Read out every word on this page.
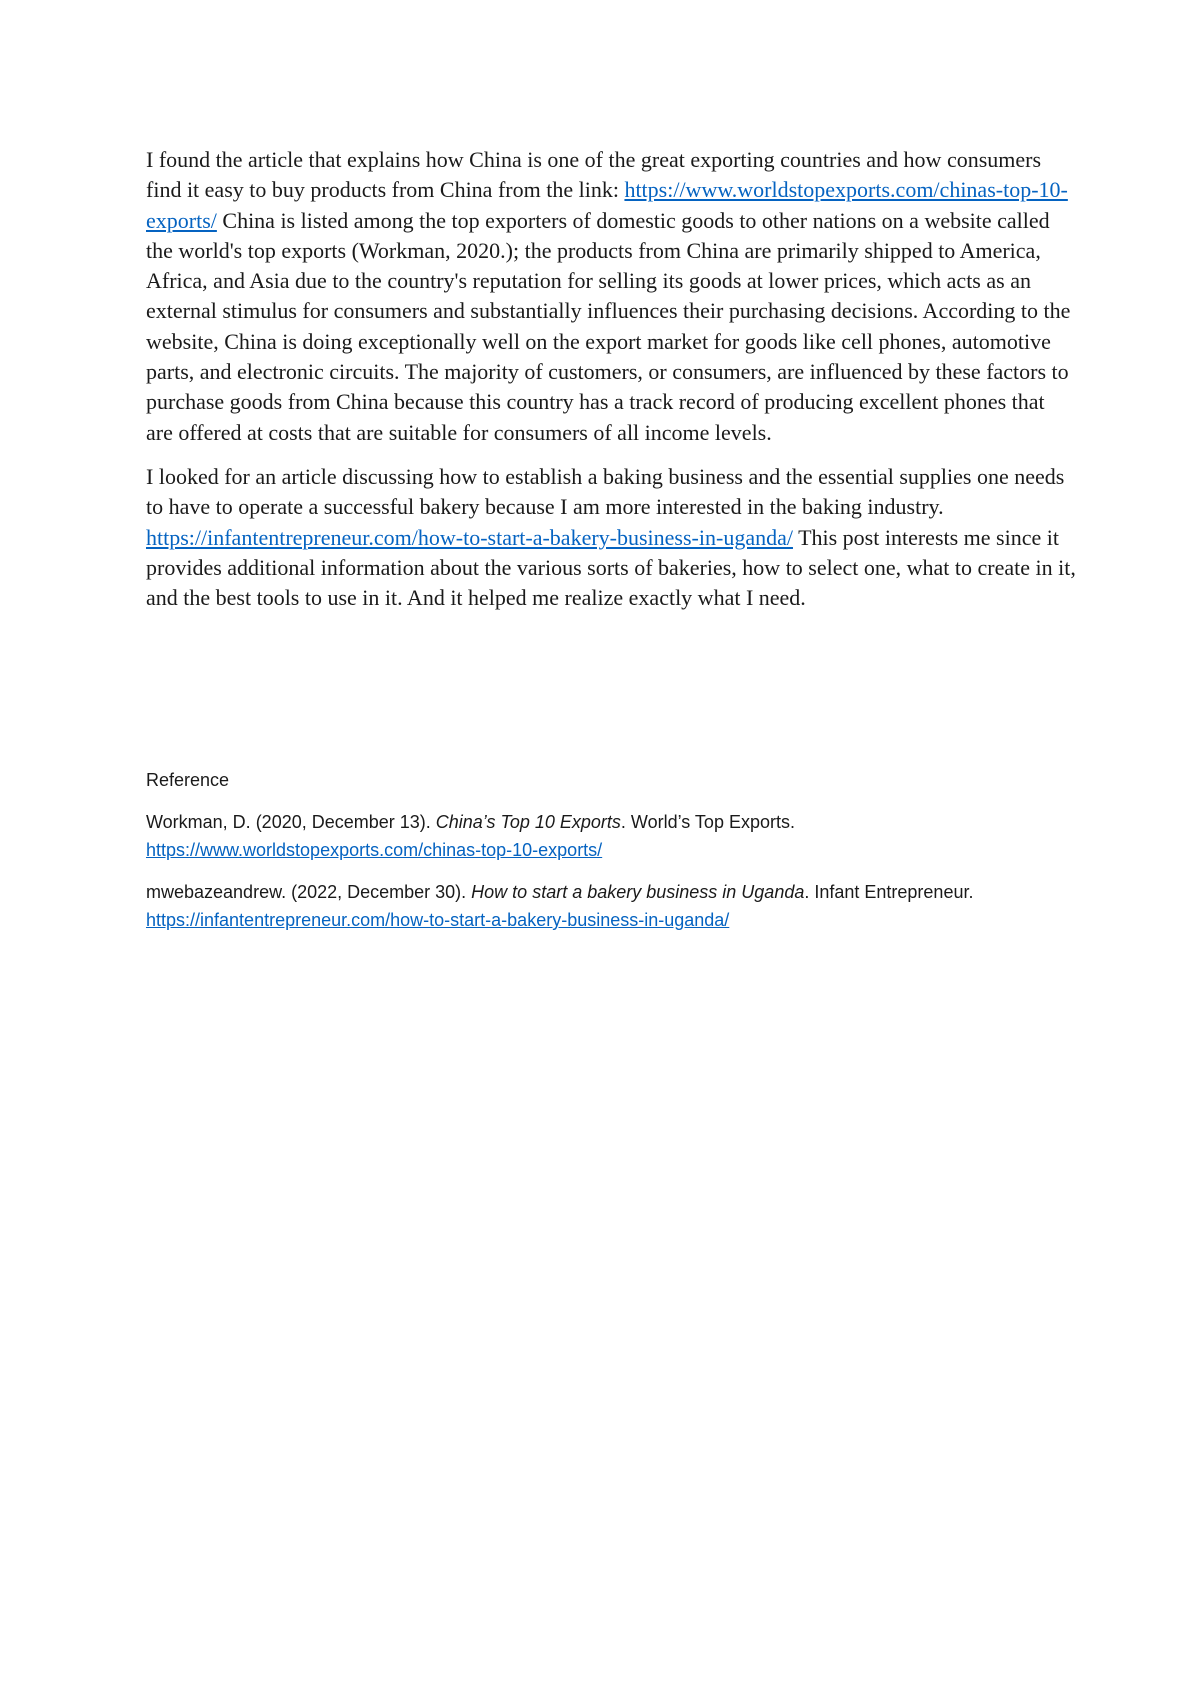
I found the article that explains how China is one of the great exporting countries and how consumers find it easy to buy products from China from the link: https://www.worldstopexports.com/chinas-top-10-exports/ China is listed among the top exporters of domestic goods to other nations on a website called the world's top exports (Workman, 2020.); the products from China are primarily shipped to America, Africa, and Asia due to the country's reputation for selling its goods at lower prices, which acts as an external stimulus for consumers and substantially influences their purchasing decisions. According to the website, China is doing exceptionally well on the export market for goods like cell phones, automotive parts, and electronic circuits. The majority of customers, or consumers, are influenced by these factors to purchase goods from China because this country has a track record of producing excellent phones that are offered at costs that are suitable for consumers of all income levels.

I looked for an article discussing how to establish a baking business and the essential supplies one needs to have to operate a successful bakery because I am more interested in the baking industry. https://infantentrepreneur.com/how-to-start-a-bakery-business-in-uganda/ This post interests me since it provides additional information about the various sorts of bakeries, how to select one, what to create in it, and the best tools to use in it. And it helped me realize exactly what I need.

Reference
Workman, D. (2020, December 13). China’s Top 10 Exports. World’s Top Exports. https://www.worldstopexports.com/chinas-top-10-exports/
mwebazeandrew. (2022, December 30). How to start a bakery business in Uganda. Infant Entrepreneur. https://infantentrepreneur.com/how-to-start-a-bakery-business-in-uganda/
